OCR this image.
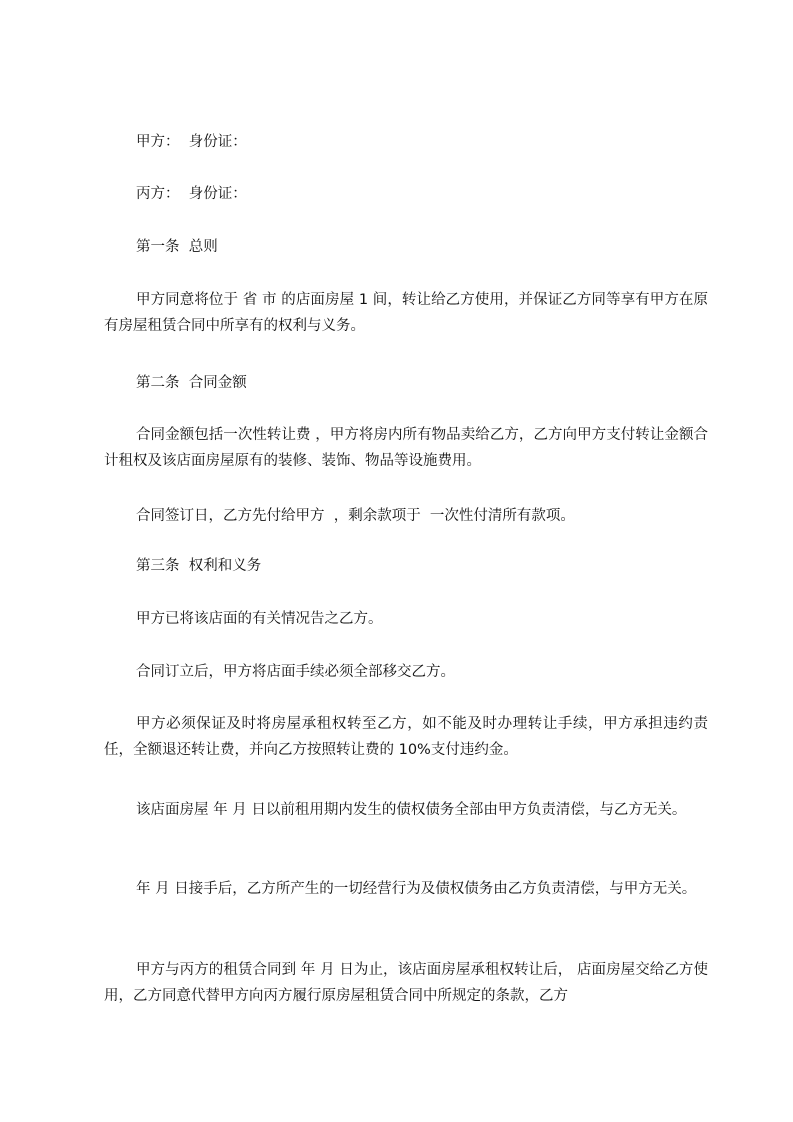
甲方：  身份证：

丙方：  身份证：

第一条  总则

甲方同意将位于 省 市 的店面房屋 1 间，转让给乙方使用，并保证乙方同等享有甲方在原有房屋租赁合同中所享有的权利与义务。

第二条  合同金额

合同金额包括一次性转让费 ，甲方将房内所有物品卖给乙方，乙方向甲方支付转让金额合计租权及该店面房屋原有的装修、装饰、物品等设施费用。

合同签订日，乙方先付给甲方  ，剩余款项于  一次性付清所有款项。

第三条  权利和义务

甲方已将该店面的有关情况告之乙方。

合同订立后，甲方将店面手续必须全部移交乙方。

甲方必须保证及时将房屋承租权转至乙方，如不能及时办理转让手续，甲方承担违约责任，全额退还转让费，并向乙方按照转让费的 10%支付违约金。

该店面房屋 年 月 日以前租用期内发生的债权债务全部由甲方负责清偿，与乙方无关。

年 月 日接手后，乙方所产生的一切经营行为及债权债务由乙方负责清偿，与甲方无关。

甲方与丙方的租赁合同到 年 月 日为止，该店面房屋承租权转让后， 店面房屋交给乙方使用，乙方同意代替甲方向丙方履行原房屋租赁合同中所规定的条款，乙方
